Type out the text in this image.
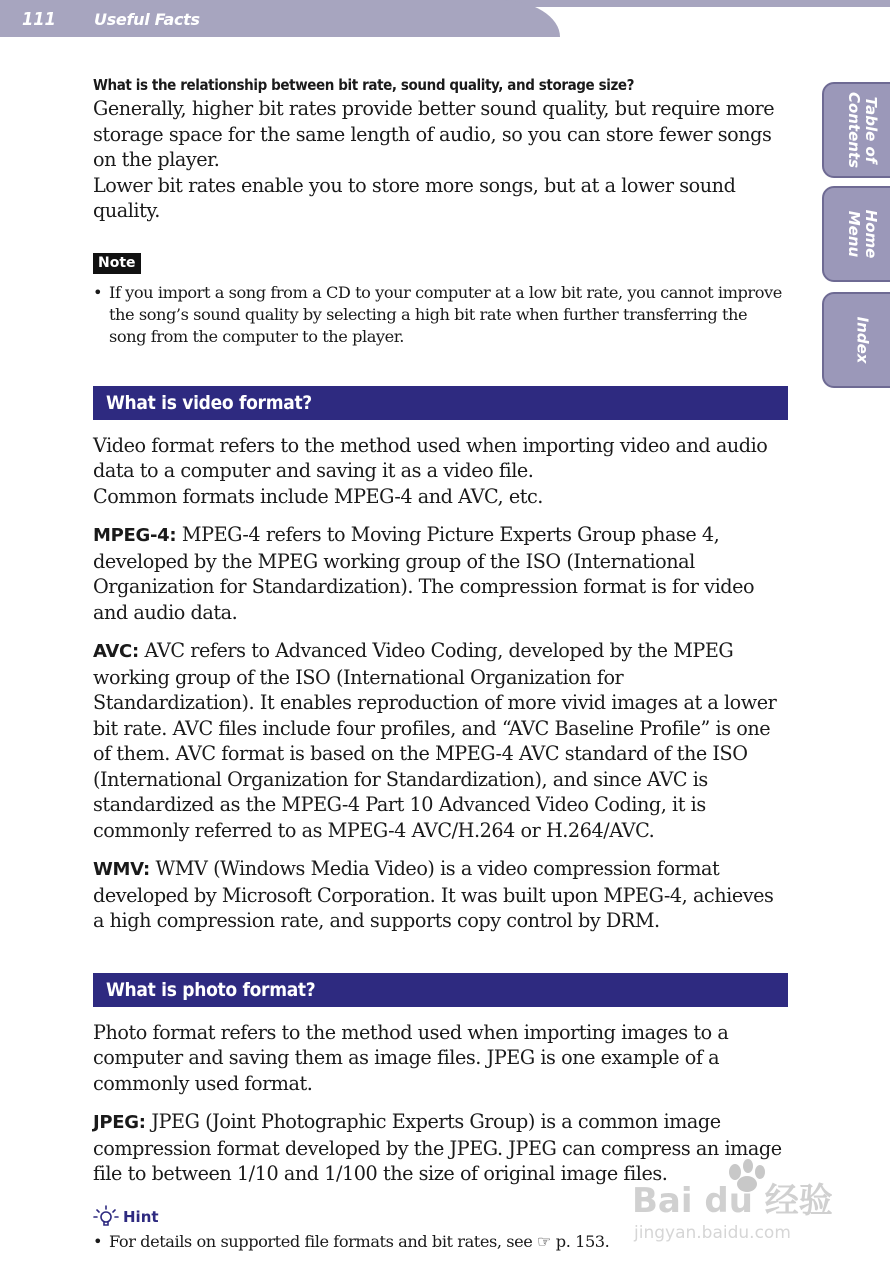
111 Useful Facts
Table of
Contents
Home
Menu
Index
What is the relationship between bit rate, sound quality, and storage size?

Generally, higher bit rates provide better sound quality, but require more storage space for the same length of audio, so you can store fewer songs on the player.

Lower bit rates enable you to store more songs, but at a lower sound quality.

Note
• If you import a song from a CD to your computer at a low bit rate, you cannot improve the song’s sound quality by selecting a high bit rate when further transferring the song from the computer to the player.
What is video format?

Video format refers to the method used when importing video and audio data to a computer and saving it as a video file.

Common formats include MPEG-4 and AVC, etc.

MPEG-4: MPEG-4 refers to Moving Picture Experts Group phase 4, developed by the MPEG working group of the ISO (International Organization for Standardization). The compression format is for video and audio data.

AVC: AVC refers to Advanced Video Coding, developed by the MPEG working group of the ISO (International Organization for Standardization). It enables reproduction of more vivid images at a lower bit rate. AVC files include four profiles, and “AVC Baseline Profile” is one of them. AVC format is based on the MPEG-4 AVC standard of the ISO (International Organization for Standardization), and since AVC is standardized as the MPEG-4 Part 10 Advanced Video Coding, it is commonly referred to as MPEG-4 AVC/H.264 or H.264/AVC.

WMV: WMV (Windows Media Video) is a video compression format developed by Microsoft Corporation. It was built upon MPEG-4, achieves a high compression rate, and supports copy control by DRM.

What is photo format?

Photo format refers to the method used when importing images to a computer and saving them as image files. JPEG is one example of a commonly used format.

JPEG: JPEG (Joint Photographic Experts Group) is a common image compression format developed by the JPEG. JPEG can compress an image file to between 1/10 and 1/100 the size of original image files.

Hint
• For details on supported file formats and bit rates, see ☞ p. 153.
Bai du 经验
jingyan.baidu.com
